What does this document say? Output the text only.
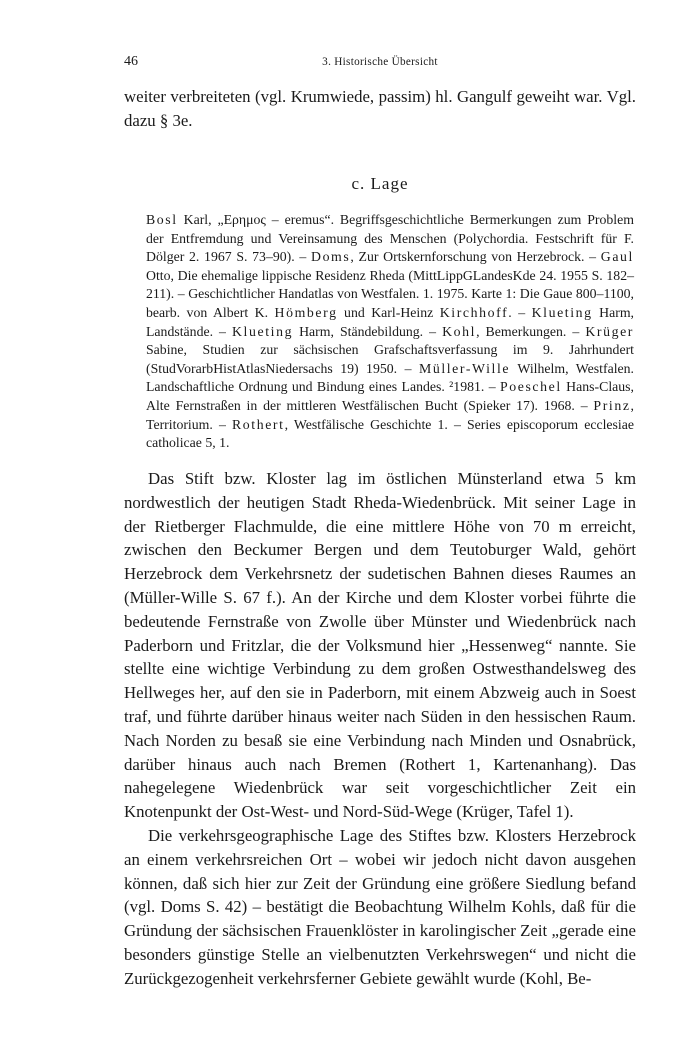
46	3. Historische Übersicht

weiter verbreiteten (vgl. Krumwiede, passim) hl. Gangulf geweiht war. Vgl. dazu § 3e.

c. Lage

Bosl Karl, „Ερημος – eremus“. Begriffsgeschichtliche Bermerkungen zum Problem der Entfremdung und Vereinsamung des Menschen (Polychordia. Festschrift für F. Dölger 2. 1967 S. 73–90). – Doms, Zur Ortskernforschung von Herzebrock. – Gaul Otto, Die ehemalige lippische Residenz Rheda (MittLippGLandesKde 24. 1955 S. 182–211). – Geschichtlicher Handatlas von Westfalen. 1. 1975. Karte 1: Die Gaue 800–1100, bearb. von Albert K. Hömberg und Karl-Heinz Kirchhoff. – Klueting Harm, Landstände. – Klueting Harm, Ständebildung. – Kohl, Bemerkungen. – Krüger Sabine, Studien zur sächsischen Grafschaftsverfassung im 9. Jahrhundert (StudVorarbHistAtlasNiedersachs 19) 1950. – Müller-Wille Wilhelm, Westfalen. Landschaftliche Ordnung und Bindung eines Landes. ²1981. – Poeschel Hans-Claus, Alte Fernstraßen in der mittleren Westfälischen Bucht (Spieker 17). 1968. – Prinz, Territorium. – Rothert, Westfälische Geschichte 1. – Series episcoporum ecclesiae catholicae 5, 1.

Das Stift bzw. Kloster lag im östlichen Münsterland etwa 5 km nordwestlich der heutigen Stadt Rheda-Wiedenbrück. Mit seiner Lage in der Rietberger Flachmulde, die eine mittlere Höhe von 70 m erreicht, zwischen den Beckumer Bergen und dem Teutoburger Wald, gehört Herzebrock dem Verkehrsnetz der sudetischen Bahnen dieses Raumes an (Müller-Wille S. 67 f.). An der Kirche und dem Kloster vorbei führte die bedeutende Fernstraße von Zwolle über Münster und Wiedenbrück nach Paderborn und Fritzlar, die der Volksmund hier „Hessenweg“ nannte. Sie stellte eine wichtige Verbindung zu dem großen Ostwesthandelsweg des Hellweges her, auf den sie in Paderborn, mit einem Abzweig auch in Soest traf, und führte darüber hinaus weiter nach Süden in den hessischen Raum. Nach Norden zu besaß sie eine Verbindung nach Minden und Osnabrück, darüber hinaus auch nach Bremen (Rothert 1, Kartenanhang). Das nahegelegene Wiedenbrück war seit vorgeschichtlicher Zeit ein Knotenpunkt der Ost-West- und Nord-Süd-Wege (Krüger, Tafel 1).

Die verkehrsgeographische Lage des Stiftes bzw. Klosters Herzebrock an einem verkehrsreichen Ort – wobei wir jedoch nicht davon ausgehen können, daß sich hier zur Zeit der Gründung eine größere Siedlung befand (vgl. Doms S. 42) – bestätigt die Beobachtung Wilhelm Kohls, daß für die Gründung der sächsischen Frauenklöster in karolingischer Zeit „gerade eine besonders günstige Stelle an vielbenutzten Verkehrswegen“ und nicht die Zurückgezogenheit verkehrsferner Gebiete gewählt wurde (Kohl, Be-
